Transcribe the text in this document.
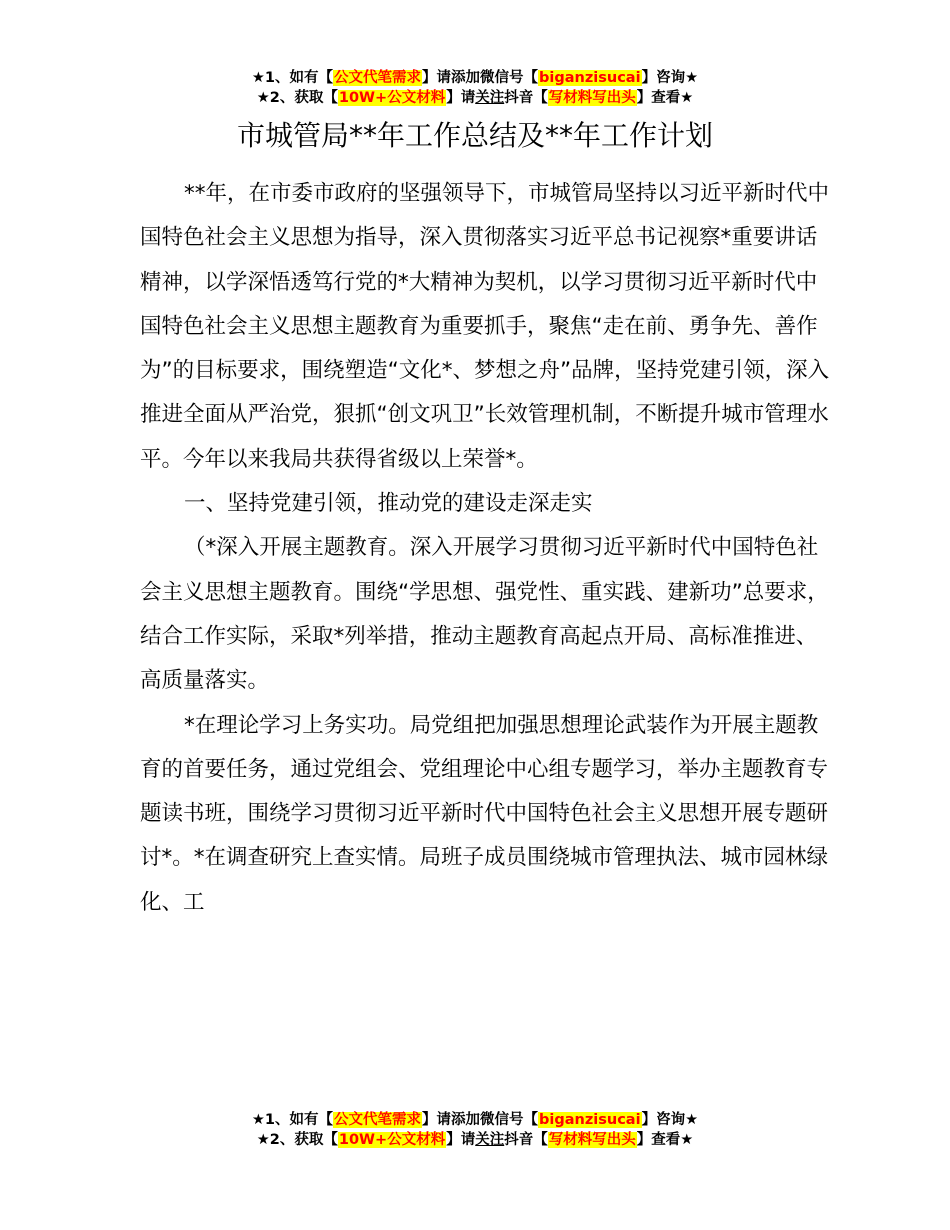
★1、如有【公文代笔需求】请添加微信号【biganzisucai】咨询★
★2、获取【10W+公文材料】请关注抖音【写材料写出头】查看★
市城管局**年工作总结及**年工作计划

**年，在市委市政府的坚强领导下，市城管局坚持以习近平新时代中国特色社会主义思想为指导，深入贯彻落实习近平总书记视察*重要讲话精神，以学深悟透笃行党的*大精神为契机，以学习贯彻习近平新时代中国特色社会主义思想主题教育为重要抓手，聚焦“走在前、勇争先、善作为”的目标要求，围绕塑造“文化*、梦想之舟”品牌，坚持党建引领，深入推进全面从严治党，狠抓“创文巩卫”长效管理机制，不断提升城市管理水平。今年以来我局共获得省级以上荣誉*。

一、坚持党建引领，推动党的建设走深走实

（*深入开展主题教育。深入开展学习贯彻习近平新时代中国特色社会主义思想主题教育。围绕“学思想、强党性、重实践、建新功”总要求，结合工作实际，采取*列举措，推动主题教育高起点开局、高标准推进、高质量落实。

*在理论学习上务实功。局党组把加强思想理论武装作为开展主题教育的首要任务，通过党组会、党组理论中心组专题学习，举办主题教育专题读书班，围绕学习贯彻习近平新时代中国特色社会主义思想开展专题研讨*。*在调查研究上查实情。局班子成员围绕城市管理执法、城市园林绿化、工

★1、如有【公文代笔需求】请添加微信号【biganzisucai】咨询★
★2、获取【10W+公文材料】请关注抖音【写材料写出头】查看★
